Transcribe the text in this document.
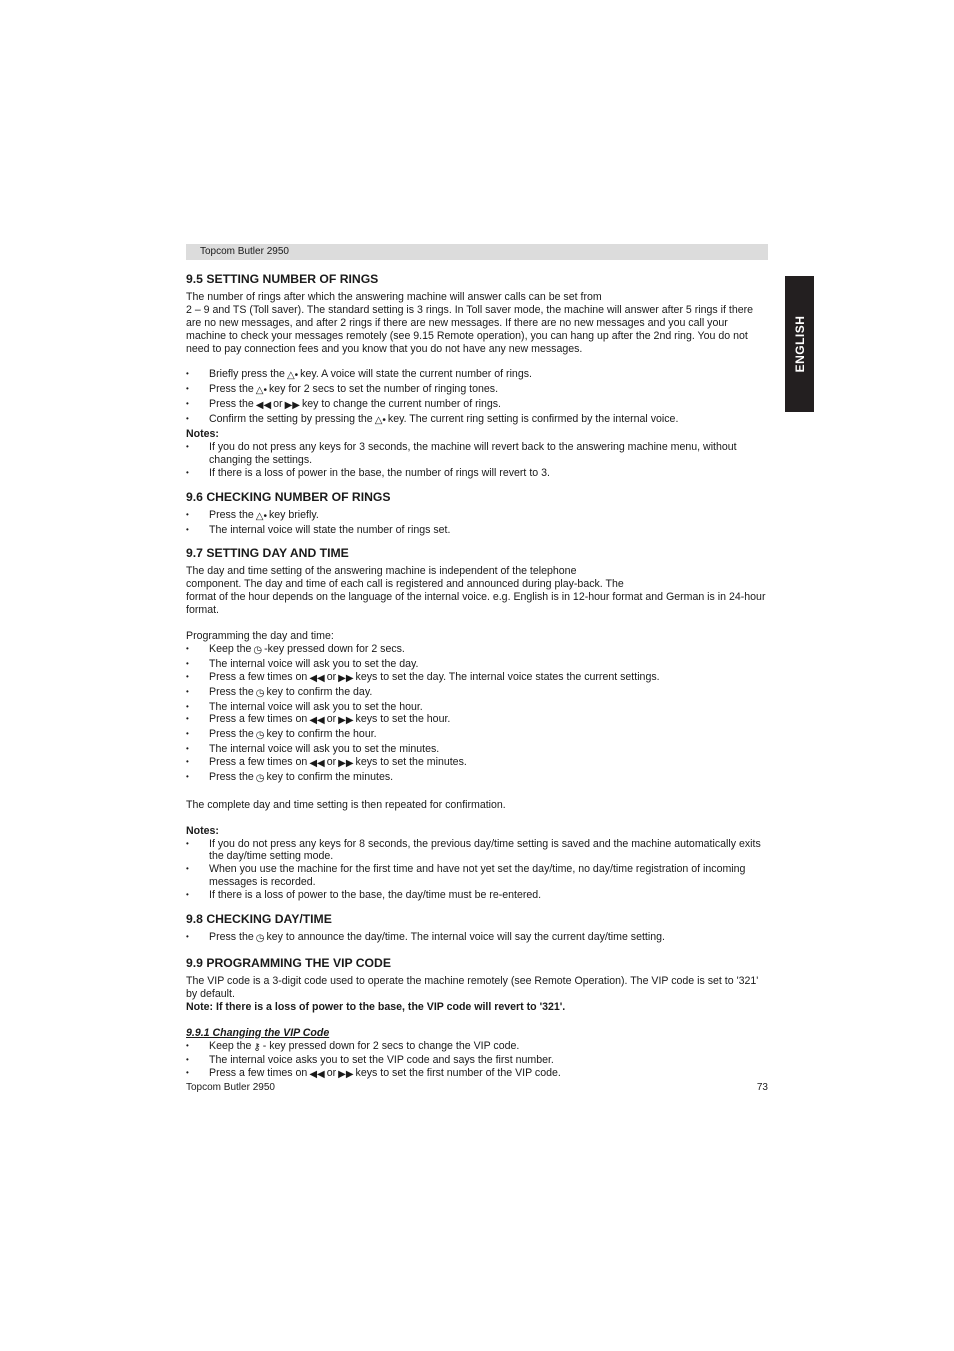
Topcom Butler 2950
ENGLISH
9.5 SETTING NUMBER OF RINGS

The number of rings after which the answering machine will answer calls can be set from

2 – 9 and TS (Toll saver). The standard setting is 3 rings. In Toll saver mode, the machine will answer after 5 rings if there are no new messages, and after 2 rings if there are new messages. If there are no new messages and you call your machine to check your messages remotely (see 9.15 Remote operation), you can hang up after the 2nd ring. You do not need to pay connection fees and you know that you do not have any new messages.

• Briefly press the △• key. A voice will state the current number of rings.
• Press the △• key for 2 secs to set the number of ringing tones.
• Press the ◀◀ or ▶▶ key to change the current number of rings.
• Confirm the setting by pressing the △• key. The current ring setting is confirmed by the internal voice.

Notes:

• If you do not press any keys for 3 seconds, the machine will revert back to the answering machine menu, without changing the settings.
• If there is a loss of power in the base, the number of rings will revert to 3.
9.6 CHECKING NUMBER OF RINGS
• Press the △• key briefly.
• The internal voice will state the number of rings set.
9.7 SETTING DAY AND TIME

The day and time setting of the answering machine is independent of the telephone

component. The day and time of each call is registered and announced during play-back. The

format of the hour depends on the language of the internal voice. e.g. English is in 12-hour format and German is in 24-hour format.

Programming the day and time:

• Keep the ◷ -key pressed down for 2 secs.
• The internal voice will ask you to set the day.
• Press a few times on ◀◀ or ▶▶ keys to set the day. The internal voice states the current settings.
• Press the ◷ key to confirm the day.
• The internal voice will ask you to set the hour.
• Press a few times on ◀◀ or ▶▶ keys to set the hour.
• Press the ◷ key to confirm the hour.
• The internal voice will ask you to set the minutes.
• Press a few times on ◀◀ or ▶▶ keys to set the minutes.
• Press the ◷ key to confirm the minutes.

The complete day and time setting is then repeated for confirmation.

Notes:

• If you do not press any keys for 8 seconds, the previous day/time setting is saved and the machine automatically exits the day/time setting mode.
• When you use the machine for the first time and have not yet set the day/time, no day/time registration of incoming messages is recorded.
• If there is a loss of power to the base, the day/time must be re-entered.
9.8 CHECKING DAY/TIME
• Press the ◷ key to announce the day/time. The internal voice will say the current day/time setting.
9.9 PROGRAMMING THE VIP CODE

The VIP code is a 3-digit code used to operate the machine remotely (see Remote Operation). The VIP code is set to '321' by default.

Note: If there is a loss of power to the base, the VIP code will revert to '321'.

9.9.1 Changing the VIP Code

• Keep the ⚷ - key pressed down for 2 secs to change the VIP code.
• The internal voice asks you to set the VIP code and says the first number.
• Press a few times on ◀◀ or ▶▶ keys to set the first number of the VIP code.
Topcom Butler 2950	73
